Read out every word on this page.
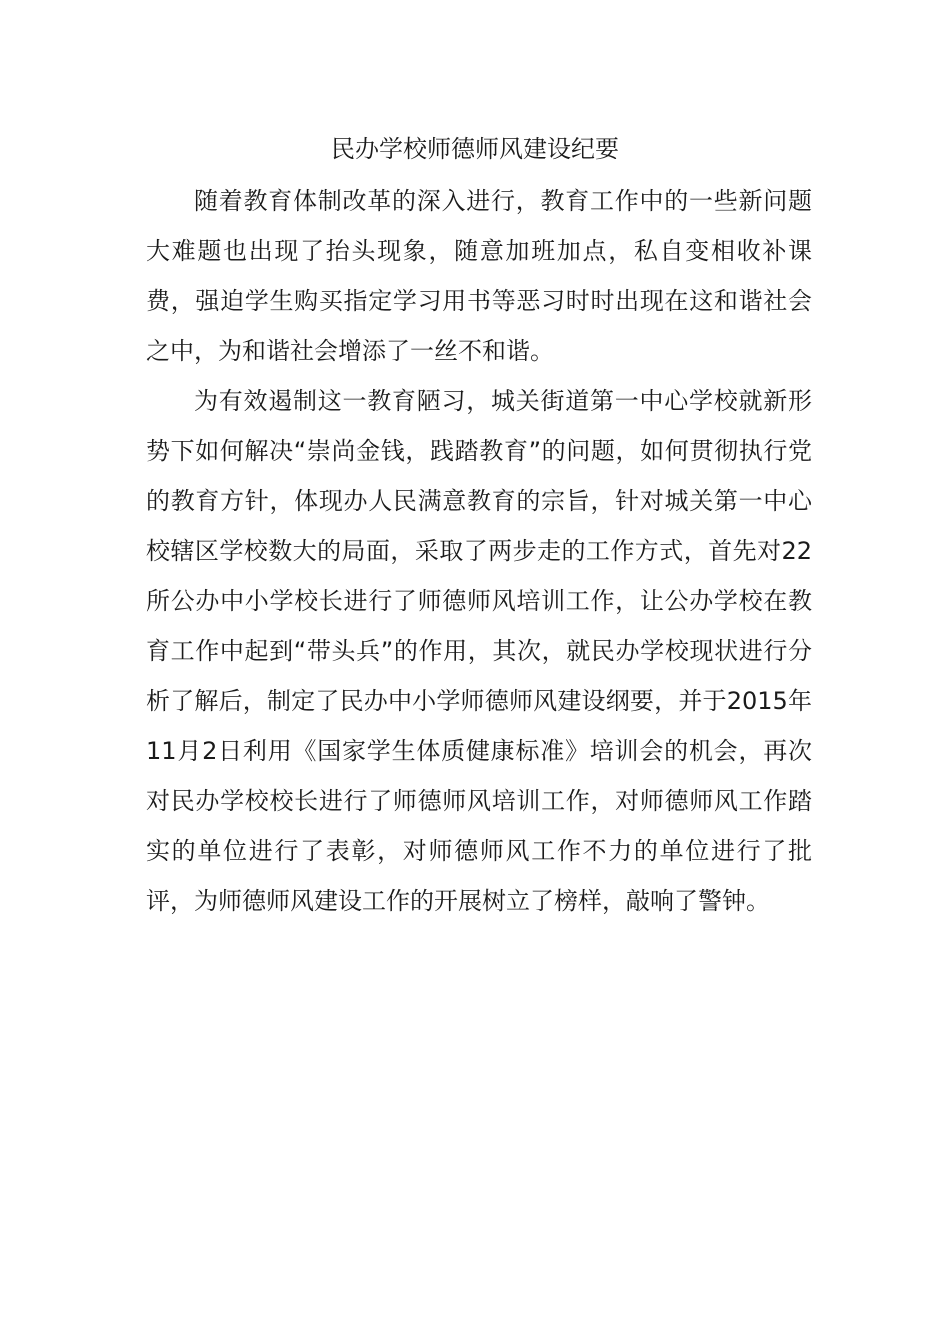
民办学校师德师风建设纪要

随着教育体制改革的深入进行，教育工作中的一些新问题大难题也出现了抬头现象，随意加班加点，私自变相收补课费，强迫学生购买指定学习用书等恶习时时出现在这和谐社会之中，为和谐社会增添了一丝不和谐。

为有效遏制这一教育陋习，城关街道第一中心学校就新形势下如何解决“崇尚金钱，践踏教育”的问题，如何贯彻执行党的教育方针，体现办人民满意教育的宗旨，针对城关第一中心校辖区学校数大的局面，采取了两步走的工作方式，首先对22所公办中小学校长进行了师德师风培训工作，让公办学校在教育工作中起到“带头兵”的作用，其次，就民办学校现状进行分析了解后，制定了民办中小学师德师风建设纲要，并于2015年11月2日利用《国家学生体质健康标准》培训会的机会，再次对民办学校校长进行了师德师风培训工作，对师德师风工作踏实的单位进行了表彰，对师德师风工作不力的单位进行了批评，为师德师风建设工作的开展树立了榜样，敲响了警钟。
